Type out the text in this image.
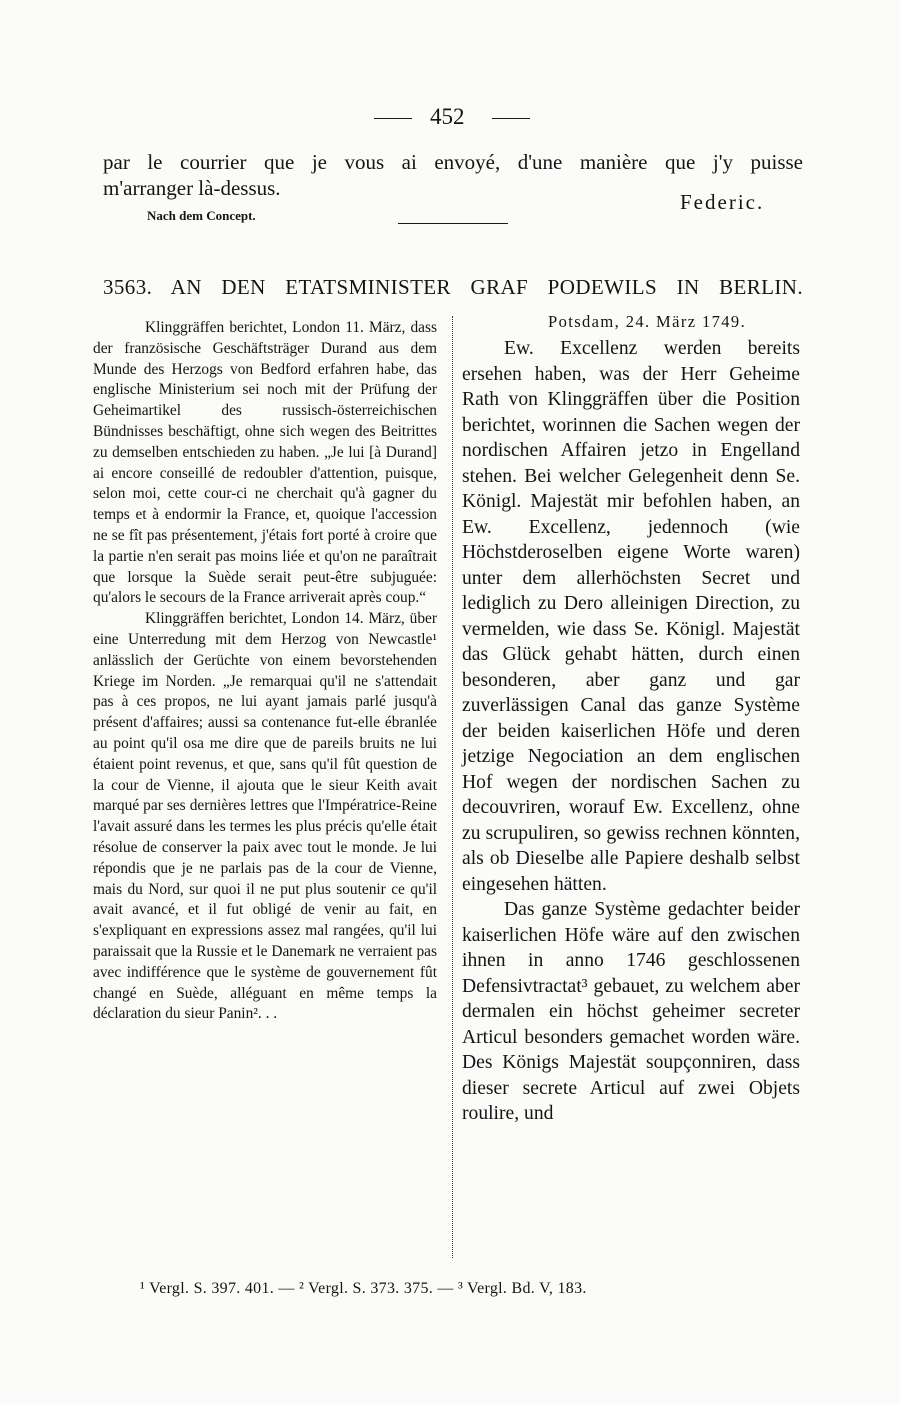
452
par le courrier que je vous ai envoyé, d'une manière que j'y puisse
m'arranger là-dessus.
Nach dem Concept.
Federic.
3563. AN DEN ETATSMINISTER GRAF PODEWILS IN BERLIN.

Klinggräffen berichtet, London 11. März, dass der französische Geschäftsträger Durand aus dem Munde des Herzogs von Bedford erfahren habe, das englische Ministerium sei noch mit der Prüfung der Geheimartikel des russisch-österreichischen Bündnisses beschäftigt, ohne sich wegen des Beitrittes zu demselben entschieden zu haben. „Je lui [à Durand] ai encore conseillé de redoubler d'attention, puisque, selon moi, cette cour-ci ne cherchait qu'à gagner du temps et à endormir la France, et, quoique l'accession ne se fît pas présentement, j'étais fort porté à croire que la partie n'en serait pas moins liée et qu'on ne paraîtrait que lorsque la Suède serait peut-être subjuguée: qu'alors le secours de la France arriverait après coup.“

Klinggräffen berichtet, London 14. März, über eine Unterredung mit dem Herzog von Newcastle¹ anlässlich der Gerüchte von einem bevorstehenden Kriege im Norden. „Je remarquai qu'il ne s'attendait pas à ces propos, ne lui ayant jamais parlé jusqu'à présent d'affaires; aussi sa contenance fut-elle ébranlée au point qu'il osa me dire que de pareils bruits ne lui étaient point revenus, et que, sans qu'il fût question de la cour de Vienne, il ajouta que le sieur Keith avait marqué par ses dernières lettres que l'Impératrice-Reine l'avait assuré dans les termes les plus précis qu'elle était résolue de conserver la paix avec tout le monde. Je lui répondis que je ne parlais pas de la cour de Vienne, mais du Nord, sur quoi il ne put plus soutenir ce qu'il avait avancé, et il fut obligé de venir au fait, en s'expliquant en expressions assez mal rangées, qu'il lui paraissait que la Russie et le Danemark ne verraient pas avec indifférence que le système de gouvernement fût changé en Suède, alléguant en même temps la déclaration du sieur Panin². . .

Potsdam, 24. März 1749.

Ew. Excellenz werden bereits ersehen haben, was der Herr Geheime Rath von Klinggräffen über die Position berichtet, worinnen die Sachen wegen der nordischen Affairen jetzo in Engelland stehen. Bei welcher Gelegenheit denn Se. Königl. Majestät mir befohlen haben, an Ew. Excellenz, jedennoch (wie Höchstderoselben eigene Worte waren) unter dem allerhöchsten Secret und lediglich zu Dero alleinigen Direction, zu vermelden, wie dass Se. Königl. Majestät das Glück gehabt hätten, durch einen besonderen, aber ganz und gar zuverlässigen Canal das ganze Système der beiden kaiserlichen Höfe und deren jetzige Negociation an dem englischen Hof wegen der nordischen Sachen zu decouvriren, worauf Ew. Excellenz, ohne zu scrupuliren, so gewiss rechnen könnten, als ob Dieselbe alle Papiere deshalb selbst eingesehen hätten.

Das ganze Système gedachter beider kaiserlichen Höfe wäre auf den zwischen ihnen in anno 1746 geschlossenen Defensivtractat³ gebauet, zu welchem aber dermalen ein höchst geheimer secreter Articul besonders gemachet worden wäre. Des Königs Majestät soupçonniren, dass dieser secrete Articul auf zwei Objets roulire, und

¹ Vergl. S. 397. 401. — ² Vergl. S. 373. 375. — ³ Vergl. Bd. V, 183.
